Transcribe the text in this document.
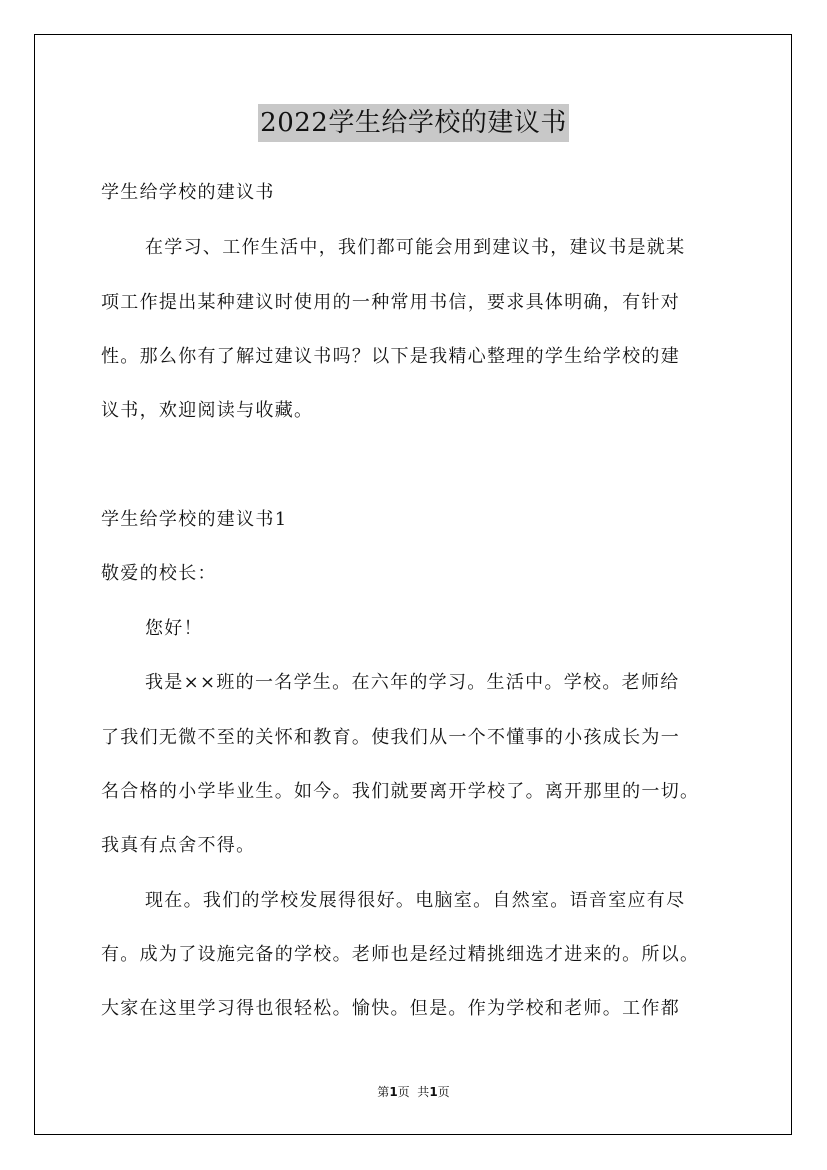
2022学生给学校的建议书
学生给学校的建议书
在学习、工作生活中，我们都可能会用到建议书，建议书是就某
项工作提出某种建议时使用的一种常用书信，要求具体明确，有针对
性。那么你有了解过建议书吗？以下是我精心整理的学生给学校的建
议书，欢迎阅读与收藏。
学生给学校的建议书1
敬爱的校长：
您好！
我是××班的一名学生。在六年的学习。生活中。学校。老师给
了我们无微不至的关怀和教育。使我们从一个不懂事的小孩成长为一
名合格的小学毕业生。如今。我们就要离开学校了。离开那里的一切。
我真有点舍不得。
现在。我们的学校发展得很好。电脑室。自然室。语音室应有尽
有。成为了设施完备的学校。老师也是经过精挑细选才进来的。所以。
大家在这里学习得也很轻松。愉快。但是。作为学校和老师。工作都
第1页  共1页
